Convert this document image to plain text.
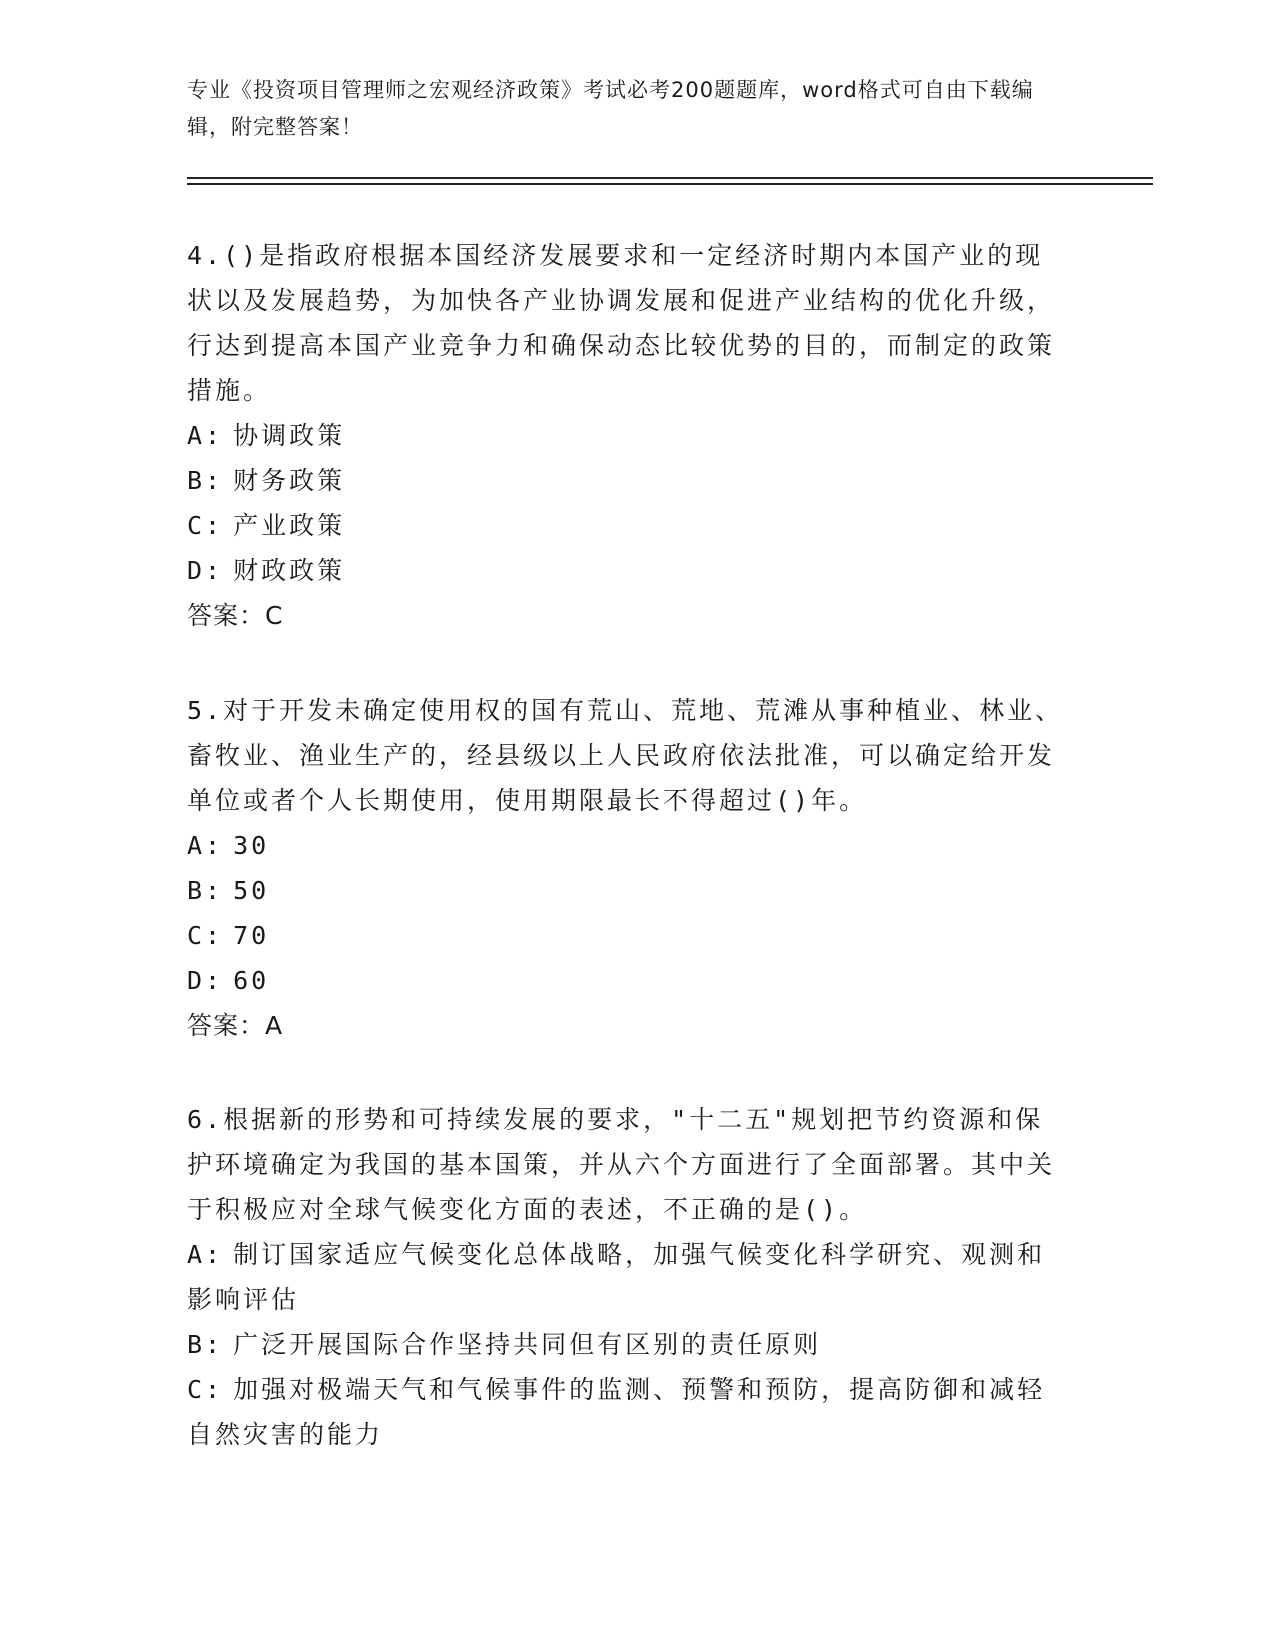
专业《投资项目管理师之宏观经济政策》考试必考200题题库，word格式可自由下载编辑，附完整答案！

4.()是指政府根据本国经济发展要求和一定经济时期内本国产业的现状以及发展趋势，为加快各产业协调发展和促进产业结构的优化升级，行达到提高本国产业竞争力和确保动态比较优势的目的，而制定的政策措施。

A: 协调政策

B: 财务政策

C: 产业政策

D: 财政政策

答案：C

5.对于开发未确定使用权的国有荒山、荒地、荒滩从事种植业、林业、畜牧业、渔业生产的，经县级以上人民政府依法批准，可以确定给开发单位或者个人长期使用，使用期限最长不得超过()年。

A: 30

B: 50

C: 70

D: 60

答案：A

6.根据新的形势和可持续发展的要求，"十二五"规划把节约资源和保护环境确定为我国的基本国策，并从六个方面进行了全面部署。其中关于积极应对全球气候变化方面的表述，不正确的是()。

A: 制订国家适应气候变化总体战略，加强气候变化科学研究、观测和影响评估

B: 广泛开展国际合作坚持共同但有区别的责任原则

C: 加强对极端天气和气候事件的监测、预警和预防，提高防御和减轻自然灾害的能力
